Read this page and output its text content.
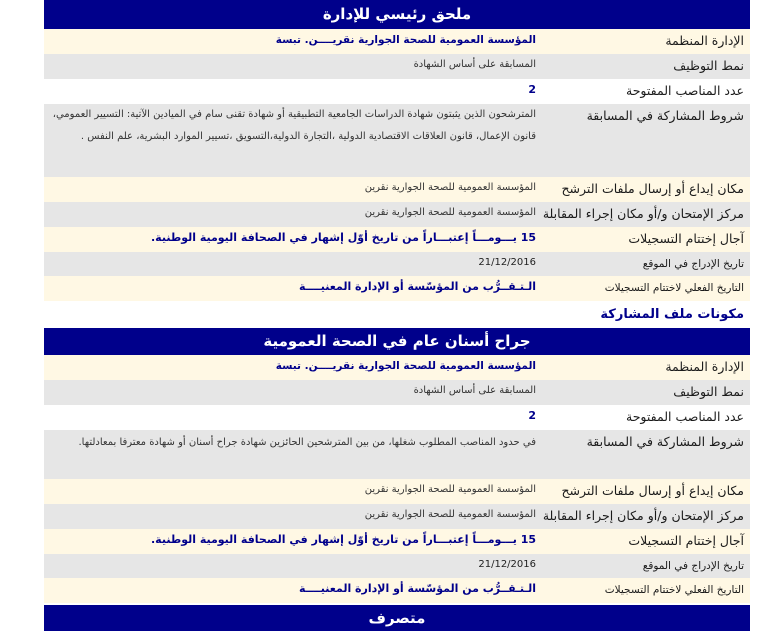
ملحق رئيسي للإدارة
الإدارة المنظمة
المؤسسة العمومية للصحة الجوارية نقريــــن. تبسة
نمط التوظيف
المسابقة على أساس الشهادة
عدد المناصب المفتوحة
2
شروط المشاركة في المسابقة
المترشحون الذين يثبتون شهادة الدراسات الجامعية التطبيقية أو شهادة تقنى سام في الميادين الآتية: التسيير العمومي، قانون الإعمال، قانون العلاقات الاقتصادية الدولية ،التجارة الدولية،التسويق ،تسيير الموارد البشرية، علم النفس .
مكان إيداع أو إرسال ملفات الترشح
المؤسسة العمومية للصحة الجوارية نقرين
مركز الإمتحان و/أو مكان إجراء المقابلة
المؤسسة العمومية للصحة الجوارية نقرين
آجال إختتام التسجيلات
15 يـــومـــاً إعتبـــاراً من تاريخ أوّل إشهار في الصحافة اليومية الوطنية.
تاريخ الإدراج في الموقع
21/12/2016
التاريخ الفعلي لاختتام التسجيلات
الـتـقــرُّب من المؤسّسة أو الإدارة المعنيــــة
مكونات ملف المشاركة
جراح أسنان عام في الصحة العمومية
الإدارة المنظمة
المؤسسة العمومية للصحة الجوارية نقريــــن. تبسة
نمط التوظيف
المسابقة على أساس الشهادة
عدد المناصب المفتوحة
2
شروط المشاركة في المسابقة
في حدود المناصب المطلوب شغلها، من بين المترشحين الحائزين شهادة جراح أسنان أو شهادة معترفا بمعادلتها.
مكان إيداع أو إرسال ملفات الترشح
المؤسسة العمومية للصحة الجوارية نقرين
مركز الإمتحان و/أو مكان إجراء المقابلة
المؤسسة العمومية للصحة الجوارية نقرين
آجال إختتام التسجيلات
15 يـــومـــاً إعتبـــاراً من تاريخ أوّل إشهار في الصحافة اليومية الوطنية.
تاريخ الإدراج في الموقع
21/12/2016
التاريخ الفعلي لاختتام التسجيلات
الـتـقــرُّب من المؤسّسة أو الإدارة المعنيــــة
متصرف
